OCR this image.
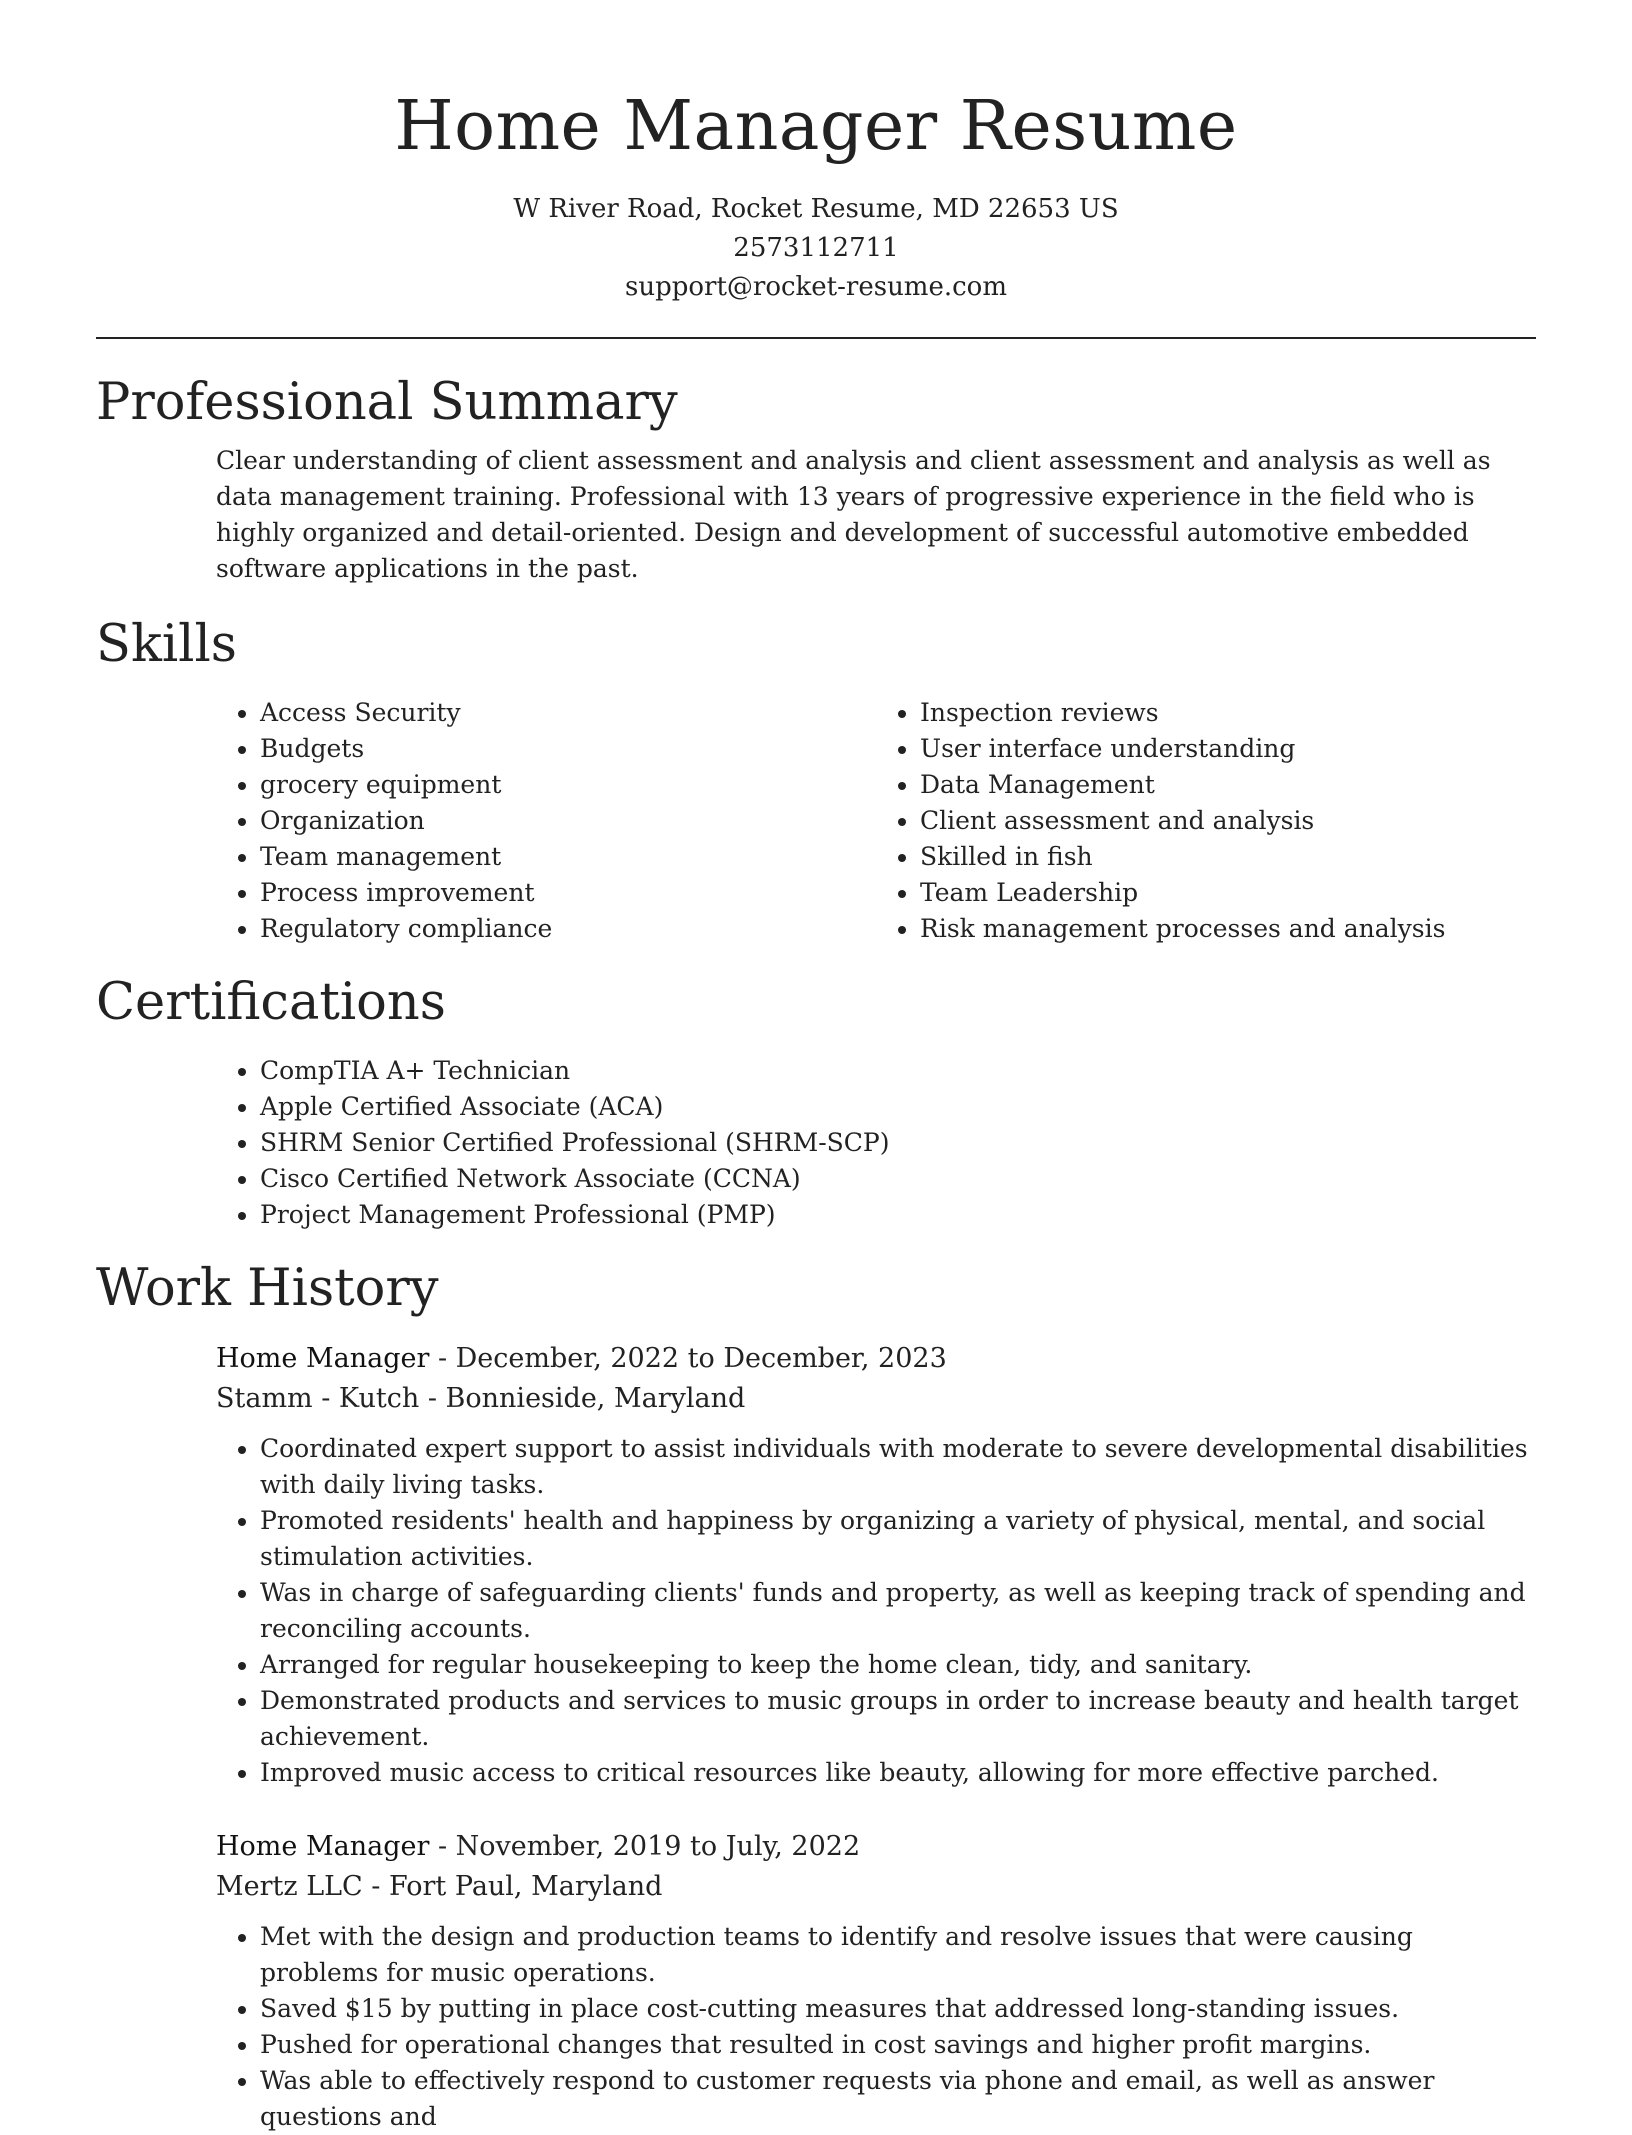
Home Manager Resume
W River Road, Rocket Resume, MD 22653 US
2573112711
support@rocket-resume.com
Professional Summary

Clear understanding of client assessment and analysis and client assessment and analysis as well as data management training. Professional with 13 years of progressive experience in the field who is highly organized and detail-oriented. Design and development of successful automotive embedded software applications in the past.

Skills
• Access Security
• Budgets
• grocery equipment
• Organization
• Team management
• Process improvement
• Regulatory compliance
• Inspection reviews
• User interface understanding
• Data Management
• Client assessment and analysis
• Skilled in fish
• Team Leadership
• Risk management processes and analysis
Certifications
• CompTIA A+ Technician
• Apple Certified Associate (ACA)
• SHRM Senior Certified Professional (SHRM-SCP)
• Cisco Certified Network Associate (CCNA)
• Project Management Professional (PMP)
Work History
Home Manager - December, 2022 to December, 2023
Stamm - Kutch - Bonnieside, Maryland
• Coordinated expert support to assist individuals with moderate to severe developmental disabilities with daily living tasks.
• Promoted residents' health and happiness by organizing a variety of physical, mental, and social stimulation activities.
• Was in charge of safeguarding clients' funds and property, as well as keeping track of spending and reconciling accounts.
• Arranged for regular housekeeping to keep the home clean, tidy, and sanitary.
• Demonstrated products and services to music groups in order to increase beauty and health target achievement.
• Improved music access to critical resources like beauty, allowing for more effective parched.
Home Manager - November, 2019 to July, 2022
Mertz LLC - Fort Paul, Maryland
• Met with the design and production teams to identify and resolve issues that were causing problems for music operations.
• Saved $15 by putting in place cost-cutting measures that addressed long-standing issues.
• Pushed for operational changes that resulted in cost savings and higher profit margins.
• Was able to effectively respond to customer requests via phone and email, as well as answer questions and
